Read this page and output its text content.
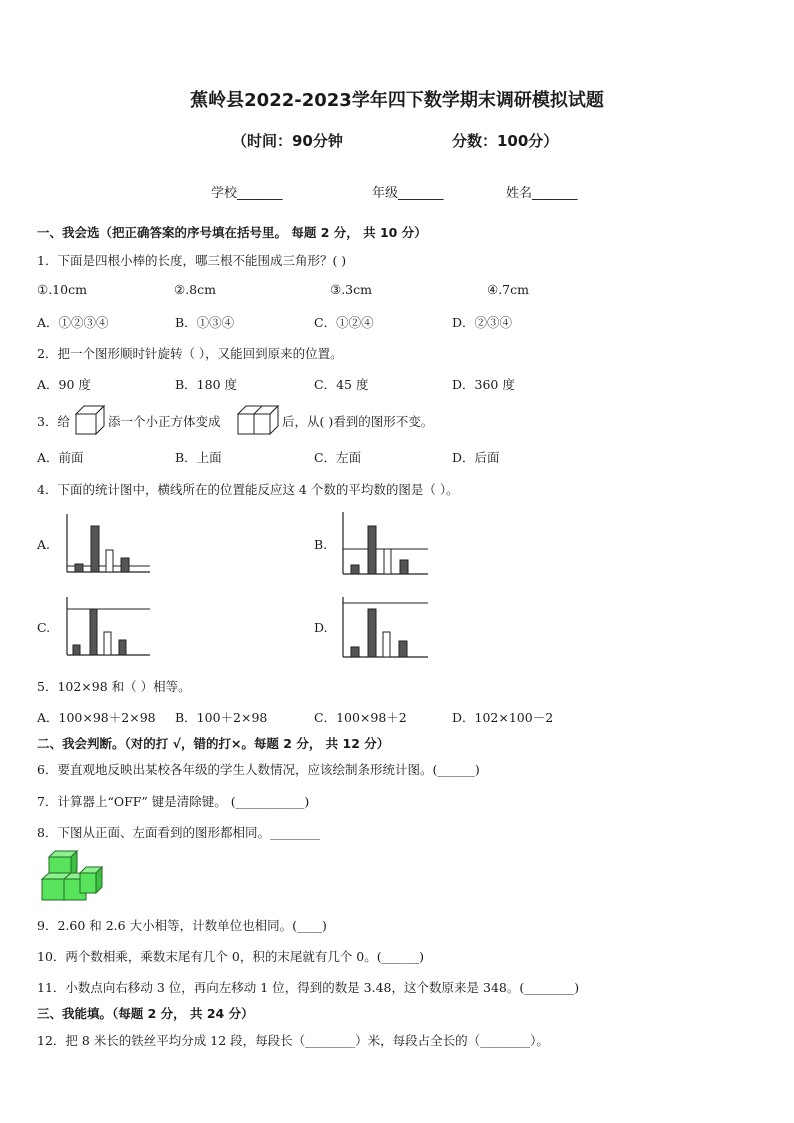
蕉岭县2022-2023学年四下数学期末调研模拟试题
（时间：90分钟	分数：100分）
学校_______	年级_______	姓名_______
一、我会选（把正确答案的序号填在括号里。 每题 2 分， 共 10 分）
1．下面是四根小棒的长度，哪三根不能围成三角形？( )
①.10cm	②.8cm	③.3cm	④.7cm
A．①②③④	B．①③④	C．①②④	D．②③④
2．把一个图形顺时针旋转（ ），又能回到原来的位置。
A．90 度	B．180 度	C．45 度	D．360 度
3．给	添一个小正方体变成	后，从( )看到的图形不变。
A．前面	B．上面	C．左面	D．后面
4．下面的统计图中，横线所在的位置能反应这 4 个数的平均数的图是（ ）。
A.	B.
C.	D.
5．102×98 和（ ）相等。
A．100×98＋2×98 B．100＋2×98	C．100×98＋2	D．102×100－2
二、我会判断。（对的打 √，错的打×。每题 2 分， 共 12 分）
6．要直观地反映出某校各年级的学生人数情况，应该绘制条形统计图。(______)
7．计算器上“OFF” 键是清除键。 (___________)
8．下图从正面、左面看到的图形都相同。________
9．2.60 和 2.6 大小相等，计数单位也相同。(____)
10．两个数相乘，乘数末尾有几个 0，积的末尾就有几个 0。(______)
11．小数点向右移动 3 位，再向左移动 1 位，得到的数是 3.48，这个数原来是 348。(________)
三、我能填。（每题 2 分， 共 24 分）
12．把 8 米长的铁丝平均分成 12 段，每段长（________）米，每段占全长的（________）。
